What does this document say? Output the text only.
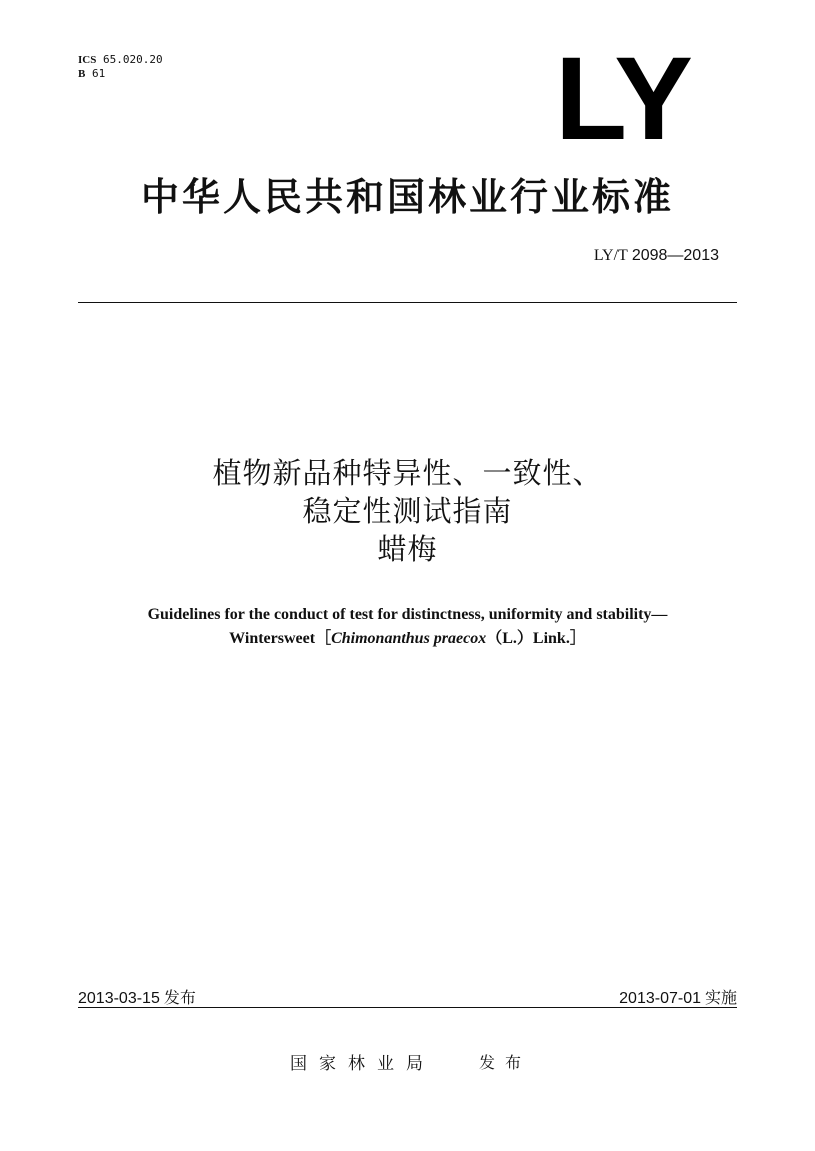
ICS 65.020.20
B 61	LY
中华人民共和国林业行业标准
LY/T 2098—2013
植物新品种特异性、一致性、
稳定性测试指南
蜡梅
Guidelines for the conduct of test for distinctness, uniformity and stability—
Wintersweet［Chimonanthus praecox（L.）Link.］
2013-03-15 发布	2013-07-01 实施
国家林业局	发布
